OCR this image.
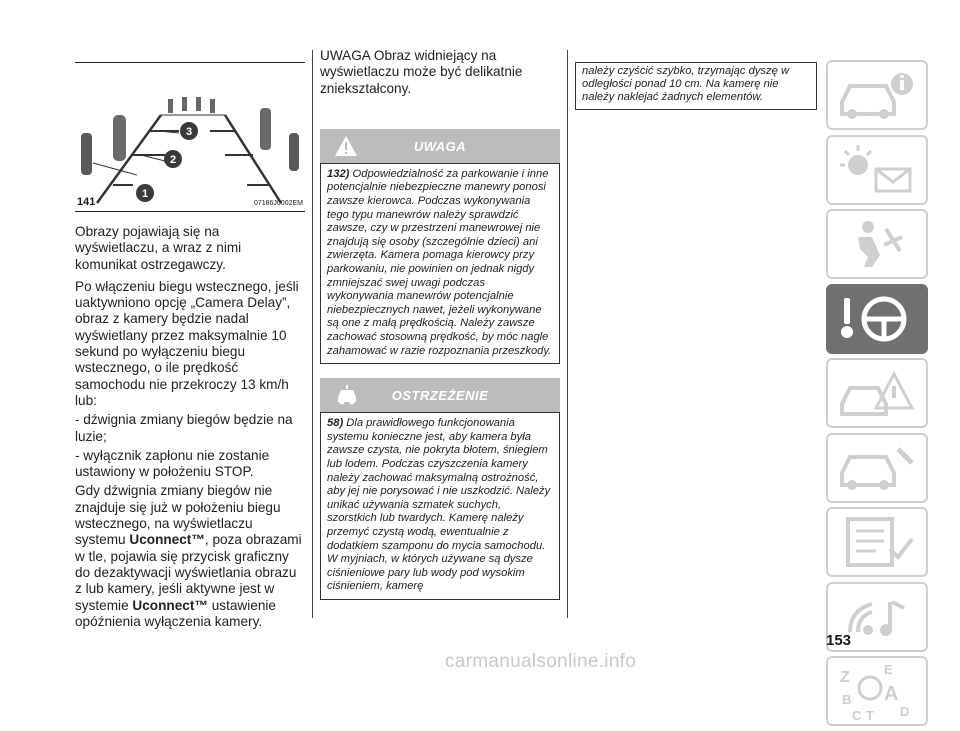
1
2
3
141	07186J0002EM

Obrazy pojawiają się na wyświetlaczu, a wraz z nimi komunikat ostrzegawczy.

Po włączeniu biegu wstecznego, jeśli uaktywniono opcję „Camera Delay”, obraz z kamery będzie nadal wyświetlany przez maksymalnie 10 sekund po wyłączeniu biegu wstecznego, o ile prędkość samochodu nie przekroczy 13 km/h lub:

- dźwignia zmiany biegów będzie na luzie;

- wyłącznik zapłonu nie zostanie ustawiony w położeniu STOP.

Gdy dźwignia zmiany biegów nie znajduje się już w położeniu biegu wstecznego, na wyświetlaczu systemu Uconnect™, poza obrazami w tle, pojawia się przycisk graficzny do dezaktywacji wyświetlania obrazu z lub kamery, jeśli aktywne jest w systemie Uconnect™ ustawienie opóźnienia wyłączenia kamery.

UWAGA Obraz widniejący na wyświetlaczu może być delikatnie zniekształcony.
UWAGA
132) Odpowiedzialność za parkowanie i inne potencjalnie niebezpieczne manewry ponosi zawsze kierowca. Podczas wykonywania tego typu manewrów należy sprawdzić zawsze, czy w przestrzeni manewrowej nie znajdują się osoby (szczególnie dzieci) ani zwierzęta. Kamera pomaga kierowcy przy parkowaniu, nie powinien on jednak nigdy zmniejszać swej uwagi podczas wykonywania manewrów potencjalnie niebezpiecznych nawet, jeżeli wykonywane są one z małą prędkością. Należy zawsze zachować stosowną prędkość, by móc nagle zahamować w razie rozpoznania przeszkody.
OSTRZEŻENIE
58) Dla prawidłowego funkcjonowania systemu konieczne jest, aby kamera była zawsze czysta, nie pokryta błotem, śniegiem lub lodem. Podczas czyszczenia kamery należy zachować maksymalną ostrożność, aby jej nie porysować i nie uszkodzić. Należy unikać używania szmatek suchych, szorstkich lub twardych. Kamerę należy przemyć czystą wodą, ewentualnie z dodatkiem szamponu do mycia samochodu. W myjniach, w których używane są dysze ciśnieniowe pary lub wody pod wysokim ciśnieniem, kamerę
należy czyścić szybko, trzymając dyszę w odległości ponad 10 cm. Na kamerę nie należy naklejać żadnych elementów.
Z	E
B A
C T D
153
carmanualsonline.info
